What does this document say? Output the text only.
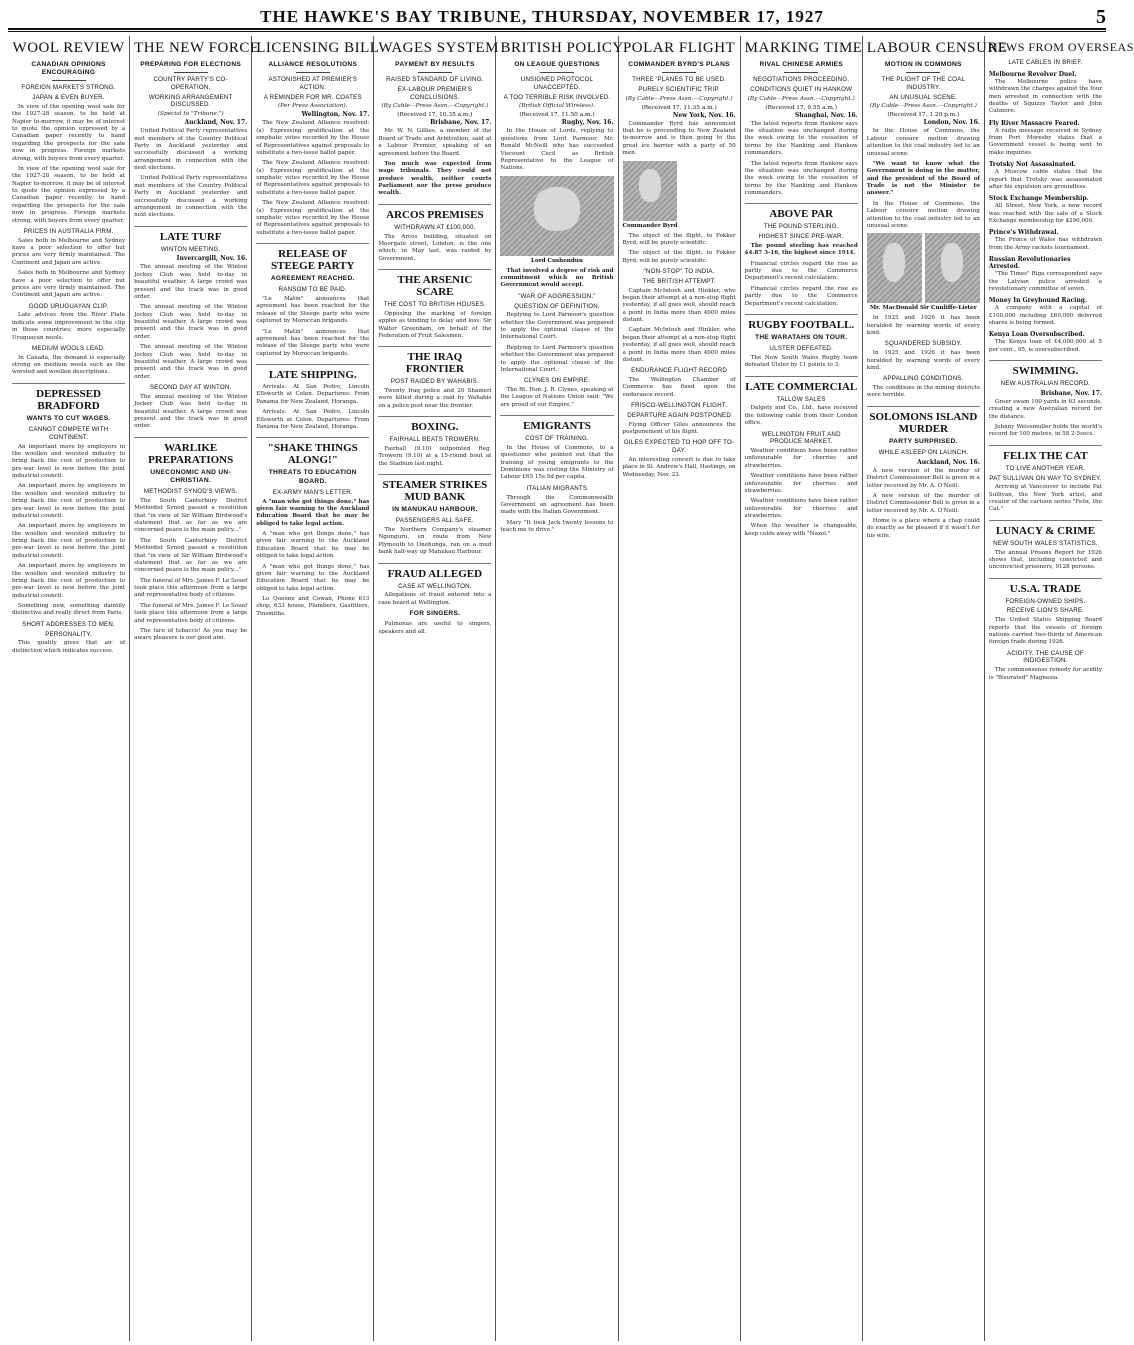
THE HAWKE'S BAY TRIBUNE, THURSDAY, NOVEMBER 17, 1927	5
WOOL REVIEW
CANADIAN OPINIONS ENCOURAGING
FOREIGN MARKETS STRONG.
JAPAN & EVEN BUYER.

In view of the opening wool sale for the 1927-28 season, to be held at Napier to-morrow, it may be of interest to quote the opinion expressed by a Canadian paper recently to hand regarding the prospects for the sale now in progress. Foreign markets strong, with buyers from every quarter.

In view of the opening wool sale for the 1927-28 season, to be held at Napier to-morrow, it may be of interest to quote the opinion expressed by a Canadian paper recently to hand regarding the prospects for the sale now in progress. Foreign markets strong, with buyers from every quarter.

PRICES IN AUSTRALIA FIRM.

Sales both in Melbourne and Sydney have a poor selection to offer but prices are very firmly maintained. The Continent and Japan are active.

Sales both in Melbourne and Sydney have a poor selection to offer but prices are very firmly maintained. The Continent and Japan are active.

GOOD URUGUAYAN CLIP.

Late advices from the River Plate indicate some improvement in the clip in those countries; more especially Uruguayan wools.

MEDIUM WOOLS LEAD.

In Canada, the demand is especially strong on medium wools such as the worsted and woollen descriptions.

DEPRESSED BRADFORD
WANTS TO CUT WAGES.
CANNOT COMPETE WITH CONTINENT.

An important move by employers in the woollen and worsted industry to bring back the cost of production to pre-war level is now before the joint industrial council.

An important move by employers in the woollen and worsted industry to bring back the cost of production to pre-war level is now before the joint industrial council.

An important move by employers in the woollen and worsted industry to bring back the cost of production to pre-war level is now before the joint industrial council.

An important move by employers in the woollen and worsted industry to bring back the cost of production to pre-war level is now before the joint industrial council.

Something new, something daintily distinctive and really direct from Paris.

SHORT ADDRESSES TO MEN.
PERSONALITY.

This quality gives that air of distinction which indicates success.

THE NEW FORCE
PREPARING FOR ELECTIONS
COUNTRY PARTY'S CO-OPERATION.
WORKING ARRANGEMENT DISCUSSED.
(Special to "Tribune.")
Auckland, Nov. 17.

United Political Party representatives met members of the Country Political Party in Auckland yesterday and successfully discussed a working arrangement in connection with the next elections.

United Political Party representatives met members of the Country Political Party in Auckland yesterday and successfully discussed a working arrangement in connection with the next elections.

LATE TURF
WINTON MEETING.
Invercargill, Nov. 16.

The annual meeting of the Winton Jockey Club was held to-day in beautiful weather. A large crowd was present and the track was in good order.

The annual meeting of the Winton Jockey Club was held to-day in beautiful weather. A large crowd was present and the track was in good order.

The annual meeting of the Winton Jockey Club was held to-day in beautiful weather. A large crowd was present and the track was in good order.

SECOND DAY AT WINTON.

The annual meeting of the Winton Jockey Club was held to-day in beautiful weather. A large crowd was present and the track was in good order.

WARLIKE PREPARATIONS
UNECONOMIC AND UN-CHRISTIAN.
METHODIST SYNOD'S VIEWS.

The South Canterbury District Methodist Synod passed a resolution that "in view of Sir William Birdwood's statement that as far as we are concerned peace is the main policy..."

The South Canterbury District Methodist Synod passed a resolution that "in view of Sir William Birdwood's statement that as far as we are concerned peace is the main policy..."

The funeral of Mrs. James F. Le Souef took place this afternoon from a large and representative body of citizens.

The funeral of Mrs. James F. Le Souef took place this afternoon from a large and representative body of citizens.

The lure of tobacco! As you may be aware pleasure is our good aim.

LICENSING BILL
ALLIANCE RESOLUTIONS
ASTONISHED AT PREMIER'S ACTION.
A REMINDER FOR MR. COATES
(Per Press Association).
Wellington, Nov. 17.

The New Zealand Alliance resolved: (a) Expressing gratification at the emphatic votes recorded by the House of Representatives against proposals to substitute a two-issue ballot paper.

The New Zealand Alliance resolved: (a) Expressing gratification at the emphatic votes recorded by the House of Representatives against proposals to substitute a two-issue ballot paper.

The New Zealand Alliance resolved: (a) Expressing gratification at the emphatic votes recorded by the House of Representatives against proposals to substitute a two-issue ballot paper.

RELEASE OF STEEGE PARTY
AGREEMENT REACHED.
RANSOM TO BE PAID.

"Le Matin" announces that agreement has been reached for the release of the Steege party who were captured by Moroccan brigands.

"Le Matin" announces that agreement has been reached for the release of the Steege party who were captured by Moroccan brigands.

LATE SHIPPING.

Arrivals: At San Pedro, Lincoln Ellsworth at Colon. Departures: From Panama for New Zealand, Horanga.

Arrivals: At San Pedro, Lincoln Ellsworth at Colon. Departures: From Panama for New Zealand, Horanga.

"SHAKE THINGS ALONG!"
THREATS TO EDUCATION BOARD.
EX-ARMY MAN'S LETTER.

A "man who got things done," has given fair warning to the Auckland Education Board that he may be obliged to take legal action.

A "man who got things done," has given fair warning to the Auckland Education Board that he may be obliged to take legal action.

A "man who got things done," has given fair warning to the Auckland Education Board that he may be obliged to take legal action.

Lo Queene and Cowan, Phone 613 shop, 633 house, Plumbers, Gasfitters, Tinsmiths.

WAGES SYSTEM
PAYMENT BY RESULTS
RAISED STANDARD OF LIVING.
EX-LABOUR PREMIER'S CONCLUSIONS.
(By Cable—Press Assn.—Copyright.)
(Received 17, 10.35 a.m.)
Brisbane, Nov. 17.

Mr. W. N. Gillies, a member of the Board of Trade and Arbitration, said at a Labour Premier, speaking of an agreement before the Board.

Too much was expected from wage tribunals. They could not produce wealth, neither courts Parliament nor the press produce wealth.

ARCOS PREMISES
WITHDRAWN AT £100,000.

The Arcos building, situated on Moorgate street, London, is the one which, in May last, was raided by Government.

THE ARSENIC SCARE
THE COST TO BRITISH HOUSES.

Opposing the marking of foreign apples as tending to delay and loss. Sir Walter Greenham, on behalf of the Federation of Fruit Salesmen.

THE IRAQ FRONTIER
POST RAIDED BY WAHABIS.

Twenty Iraq police and 20 Shameri were killed during a raid by Wahabis on a police post near the frontier.

BOXING.
FAIRHALL BEATS TROWERN.

Fairhall (9.10) outpointed Reg. Trowern (9.10) at a 15-round bout at the Stadium last night.

STEAMER STRIKES MUD BANK
IN MANUKAU HARBOUR.
PASSENGERS ALL SAFE.

The Northern Company's steamer Ngunguru, en route from New Plymouth to Onehunga, ran on a mud bank half-way up Manukau Harbour.

FRAUD ALLEGED
CASE AT WELLINGTON.

Allegations of fraud entered into a case heard at Wellington.

FOR SINGERS.

Pulmonas are useful to singers, speakers and all.

BRITISH POLICY
ON LEAGUE QUESTIONS
UNSIGNED PROTOCOL UNACCEPTED.
A TOO TERRIBLE RISK INVOLVED.
(British Official Wireless).
(Received 17, 11.50 a.m.)
Rugby, Nov. 16.

In the House of Lords, replying to questions from Lord Parmoor, Mr. Ronald McNeill who has succeeded Viscount Cecil as British Representative to the League of Nations.

Lord Cushendun

That involved a degree of risk and commitment which no British Government would accept.

"WAR OF AGGRESSION."
QUESTION OF DEFINITION.

Replying to Lord Parmoor's question whether the Government was prepared to apply the optional clause of the International Court.

Replying to Lord Parmoor's question whether the Government was prepared to apply the optional clause of the International Court.

CLYNES ON EMPIRE.

The Rt. Hon. J. R. Clynes, speaking at the League of Nations Union said: "We are proud of our Empire."

EMIGRANTS
COST OF TRAINING.

In the House of Commons, to a questioner who pointed out that the training of young emigrants to the Dominions was costing the Ministry of Labour £65 15s 5d per capita.

ITALIAN MIGRANTS

Through the Commonwealth Government an agreement has been made with the Italian Government.

Mary "It took Jack twenty lessons to teach me to drive."

POLAR FLIGHT
COMMANDER BYRD'S PLANS
THREE 'PLANES TO BE USED.
PURELY SCIENTIFIC TRIP.
(By Cable—Press Assn.—Copyright.)
(Received 17, 11.35 a.m.)
New York, Nov. 16.

Commander Byrd has announced that he is proceeding to New Zealand to-morrow and is then going to the great ice barrier with a party of 50 men.

Commander Byrd

The object of the flight, to Fokker Byrd, will be purely scientific.

The object of the flight, to Fokker Byrd, will be purely scientific.

"NON-STOP" TO INDIA.
THE BRITISH ATTEMPT.

Captain McIntosh and Hinkler, who began their attempt at a non-stop flight yesterday, if all goes well, should reach a point in India more than 4000 miles distant.

Captain McIntosh and Hinkler, who began their attempt at a non-stop flight yesterday, if all goes well, should reach a point in India more than 4000 miles distant.

ENDURANCE FLIGHT RECORD

The Wellington Chamber of Commerce has fixed upon the endurance record.

FRISCO-WELLINGTON FLIGHT.
DEPARTURE AGAIN POSTPONED

Flying Officer Giles announces the postponement of his flight.

GILES EXPECTED TO HOP OFF TO-DAY.

An interesting concert is due to take place in St. Andrew's Hall, Hastings, on Wednesday, Nov. 23.

MARKING TIME
RIVAL CHINESE ARMIES
NEGOTIATIONS PROCEEDING.
CONDITIONS QUIET IN HANKOW
(By Cable—Press Assn.—Copyright.)
(Received 17, 9.55 a.m.)
Shanghai, Nov. 16.

The latest reports from Hankow says the situation was unchanged during the week owing to the cessation of terms by the Nanking and Hankow commanders.

The latest reports from Hankow says the situation was unchanged during the week owing to the cessation of terms by the Nanking and Hankow commanders.

ABOVE PAR
THE POUND STERLING.
HIGHEST SINCE PRE-WAR.

The pound sterling has reached $4.87 3-16, the highest since 1914.

Financial circles regard the rise as partly due to the Commerce Department's recent calculation.

Financial circles regard the rise as partly due to the Commerce Department's recent calculation.

RUGBY FOOTBALL.
THE WARATAHS ON TOUR.
ULSTER DEFEATED.

The New South Wales Rugby team defeated Ulster by 11 points to 3.

LATE COMMERCIAL
TALLOW SALES

Dalgety and Co., Ltd., have received the following cable from their London office.

WELLINGTON FRUIT AND PRODUCE MARKET.

Weather conditions have been rather unfavourable for cherries and strawberries.

Weather conditions have been rather unfavourable for cherries and strawberries.

Weather conditions have been rather unfavourable for cherries and strawberries.

When the weather is changeable, keep colds away with "Nazol."

LABOUR CENSURE
MOTION IN COMMONS
THE PLIGHT OF THE COAL INDUSTRY.
AN UNUSUAL SCENE.
(By Cable—Press Assn.—Copyright.)
(Received 17, 1.20 p.m.)
London, Nov. 16.

In the House of Commons, the Labour censure motion drawing attention to the coal industry led to an unusual scene.

"We want to know what the Government is doing in the matter, and the president of the Board of Trade is not the Minister to answer."

In the House of Commons, the Labour censure motion drawing attention to the coal industry led to an unusual scene.

Mr. MacDonald Sir Cunliffe-Lister

In 1925 and 1926 it has been heralded by warning words of every kind.

SQUANDERED SUBSIDY.

In 1925 and 1926 it has been heralded by warning words of every kind.

APPALLING CONDITIONS.

The conditions in the mining districts were terrible.

SOLOMONS ISLAND MURDER
PARTY SURPRISED.
WHILE ASLEEP ON LAUNCH.
Auckland, Nov. 16.

A new version of the murder of District Commissioner Bell is given in a letter received by Mr. A. O'Neill.

A new version of the murder of District Commissioner Bell is given in a letter received by Mr. A. O'Neill.

Home is a place where a chap could do exactly as he pleased if it wasn't for his wife.

NEWS FROM OVERSEAS
LATE CABLES IN BRIEF.
Melbourne Revolver Duel.

The Melbourne police have withdrawn the charges against the four men arrested in connection with the deaths of Squizzy Taylor and John Cutmore.

Fly River Massacre Feared.

A radio message received in Sydney from Port Moresby states that a Government vessel is being sent to make inquiries.

Trotsky Not Assassinated.

A Moscow cable states that the report that Trotsky was assassinated after his expulsion are groundless.

Stock Exchange Membership.

All Street, New York, a new record was reached with the sale of a Stock Exchange membership for $290,000.

Prince's Withdrawal.

The Prince of Wales has withdrawn from the Army rackets tournament.

Russian Revolutionaries Arrested.

"The Times" Riga correspondent says the Latvian police arrested a revolutionary committee of seven.

Money In Greyhound Racing.

A company with a capital of £100,000 including £60,000 deferred shares is being formed.

Kenya Loan Oversubscribed.

The Kenya loan of £4,000,000 at 5 per cent., 95, is oversubscribed.

SWIMMING.
NEW AUSTRALIAN RECORD.
Brisbane, Nov. 17.

Greer swam 100 yards in 63 seconds, creating a new Australian record for the distance.

Johnny Weissmuller holds the world's record for 100 metres, in 58 2-5secs.

FELIX THE CAT
TO LIVE ANOTHER YEAR.
PAT SULLIVAN ON WAY TO SYDNEY.

Arriving at Vancouver to include Pat Sullivan, the New York artist, and creator of the cartoon series "Felix, the Cat."

LUNACY & CRIME
NEW SOUTH WALES STATISTICS.

The annual Prisons Report for 1926 shows that, including convicted and unconvicted prisoners, 9128 persons.

U.S.A. TRADE
FOREIGN-OWNED SHIPS.
RECEIVE LION'S SHARE.

The United States Shipping Board reports that the vessels of foreign nations carried two-thirds of American foreign trade during 1926.

ACIDITY, THE CAUSE OF INDIGESTION.

The commonsense remedy for acidity is "Bisurated" Magnesia.
